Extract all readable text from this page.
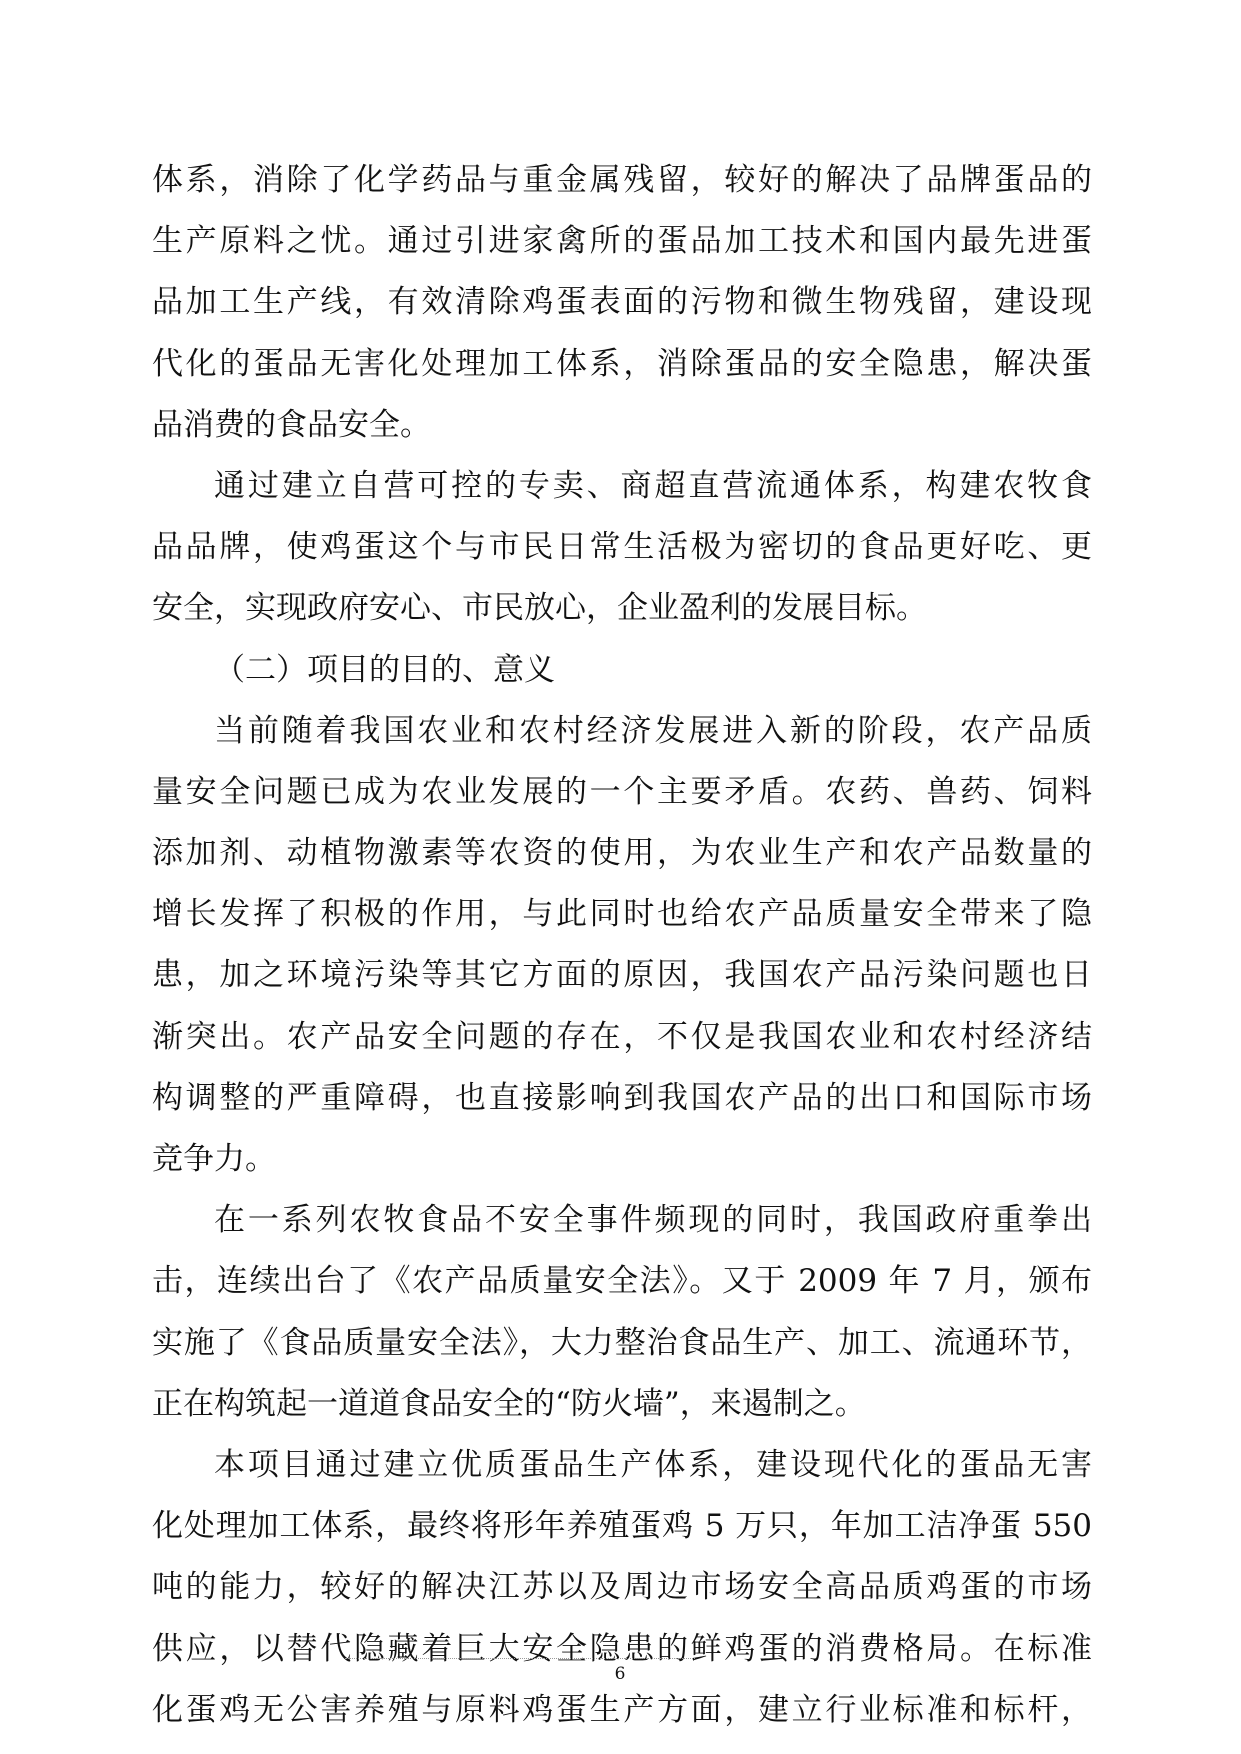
体系，消除了化学药品与重金属残留，较好的解决了品牌蛋品的
生产原料之忧。通过引进家禽所的蛋品加工技术和国内最先进蛋
品加工生产线，有效清除鸡蛋表面的污物和微生物残留，建设现
代化的蛋品无害化处理加工体系，消除蛋品的安全隐患，解决蛋
品消费的食品安全。
通过建立自营可控的专卖、商超直营流通体系，构建农牧食
品品牌，使鸡蛋这个与市民日常生活极为密切的食品更好吃、更
安全，实现政府安心、市民放心，企业盈利的发展目标。
（二）项目的目的、意义
当前随着我国农业和农村经济发展进入新的阶段，农产品质
量安全问题已成为农业发展的一个主要矛盾。农药、兽药、饲料
添加剂、动植物激素等农资的使用，为农业生产和农产品数量的
增长发挥了积极的作用，与此同时也给农产品质量安全带来了隐
患，加之环境污染等其它方面的原因，我国农产品污染问题也日
渐突出。农产品安全问题的存在，不仅是我国农业和农村经济结
构调整的严重障碍，也直接影响到我国农产品的出口和国际市场
竞争力。
在一系列农牧食品不安全事件频现的同时，我国政府重拳出
击，连续出台了《农产品质量安全法》。又于 2009 年 7 月，颁布
实施了《食品质量安全法》，大力整治食品生产、加工、流通环节，
正在构筑起一道道食品安全的“防火墙”，来遏制之。
本项目通过建立优质蛋品生产体系，建设现代化的蛋品无害
化处理加工体系，最终将形年养殖蛋鸡 5 万只，年加工洁净蛋 550
吨的能力，较好的解决江苏以及周边市场安全高品质鸡蛋的市场
供应，以替代隐藏着巨大安全隐患的鲜鸡蛋的消费格局。在标准
化蛋鸡无公害养殖与原料鸡蛋生产方面，建立行业标准和标杆，
6
